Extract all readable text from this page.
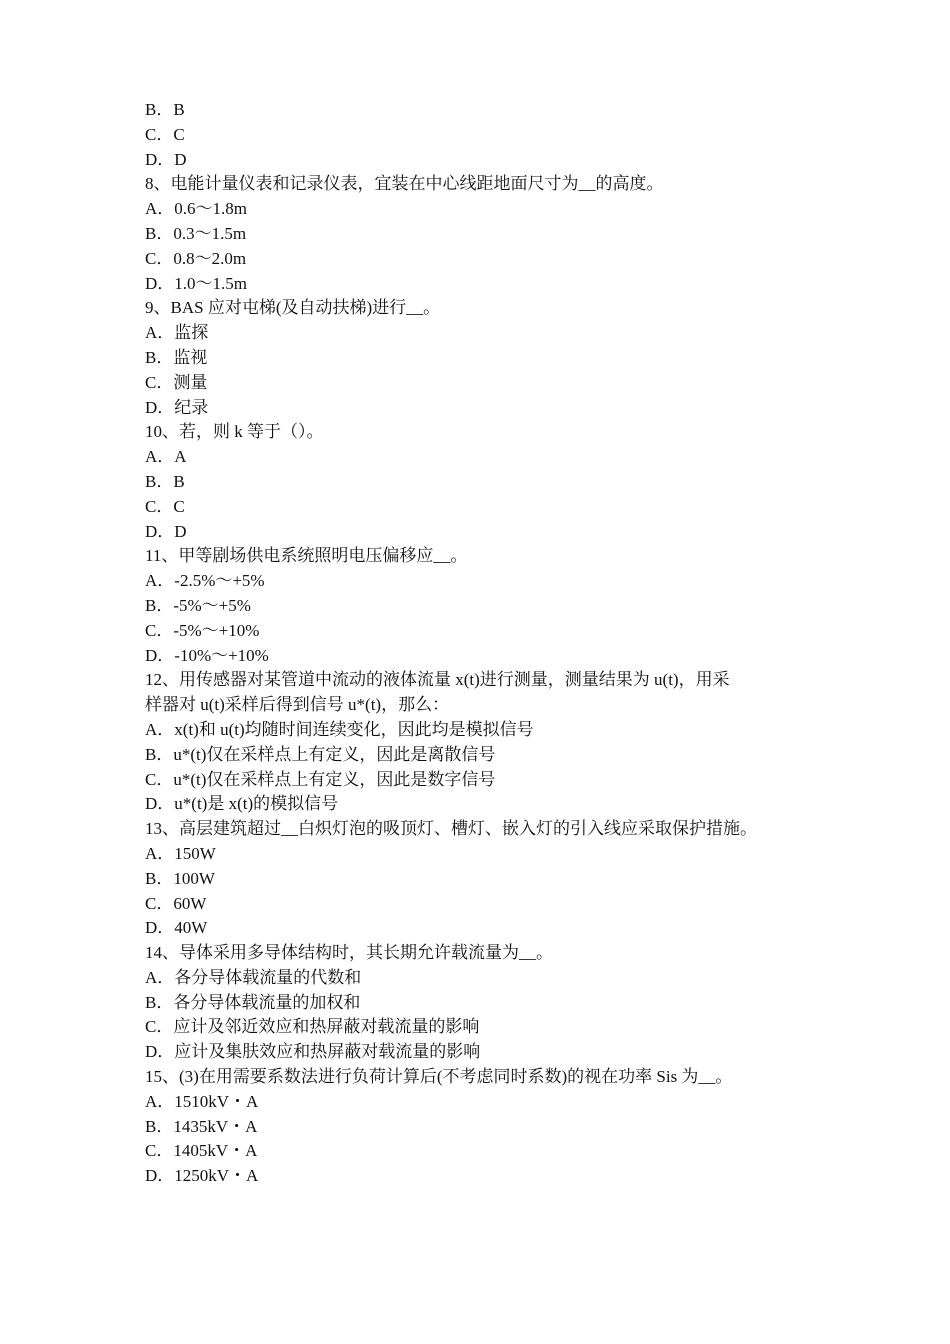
B．B

C．C

D．D

8、电能计量仪表和记录仪表，宜装在中心线距地面尺寸为__的高度。

A．0.6～1.8m

B．0.3～1.5m

C．0.8～2.0m

D．1.0～1.5m

9、BAS 应对屯梯(及自动扶梯)进行__。

A．监探

B．监视

C．测量

D．纪录

10、若，则 k 等于（）。

A．A

B．B

C．C

D．D

11、甲等剧场供电系统照明电压偏移应__。

A．-2.5%～+5%

B．-5%～+5%

C．-5%～+10%

D．-10%～+10%

12、用传感器对某管道中流动的液体流量 x(t)进行测量，测量结果为 u(t)，用采

样器对 u(t)采样后得到信号 u*(t)，那么：

A．x(t)和 u(t)均随时间连续变化，因此均是模拟信号

B．u*(t)仅在采样点上有定义，因此是离散信号

C．u*(t)仅在采样点上有定义，因此是数字信号

D．u*(t)是 x(t)的模拟信号

13、高层建筑超过__白炽灯泡的吸顶灯、槽灯、嵌入灯的引入线应采取保护措施。

A．150W

B．100W

C．60W

D．40W

14、导体采用多导体结构时，其长期允许载流量为__。

A．各分导体载流量的代数和

B．各分导体载流量的加权和

C．应计及邻近效应和热屏蔽对载流量的影响

D．应计及集肤效应和热屏蔽对载流量的影响

15、(3)在用需要系数法进行负荷计算后(不考虑同时系数)的视在功率 Sis 为__。

A．1510kV・A

B．1435kV・A

C．1405kV・A

D．1250kV・A
